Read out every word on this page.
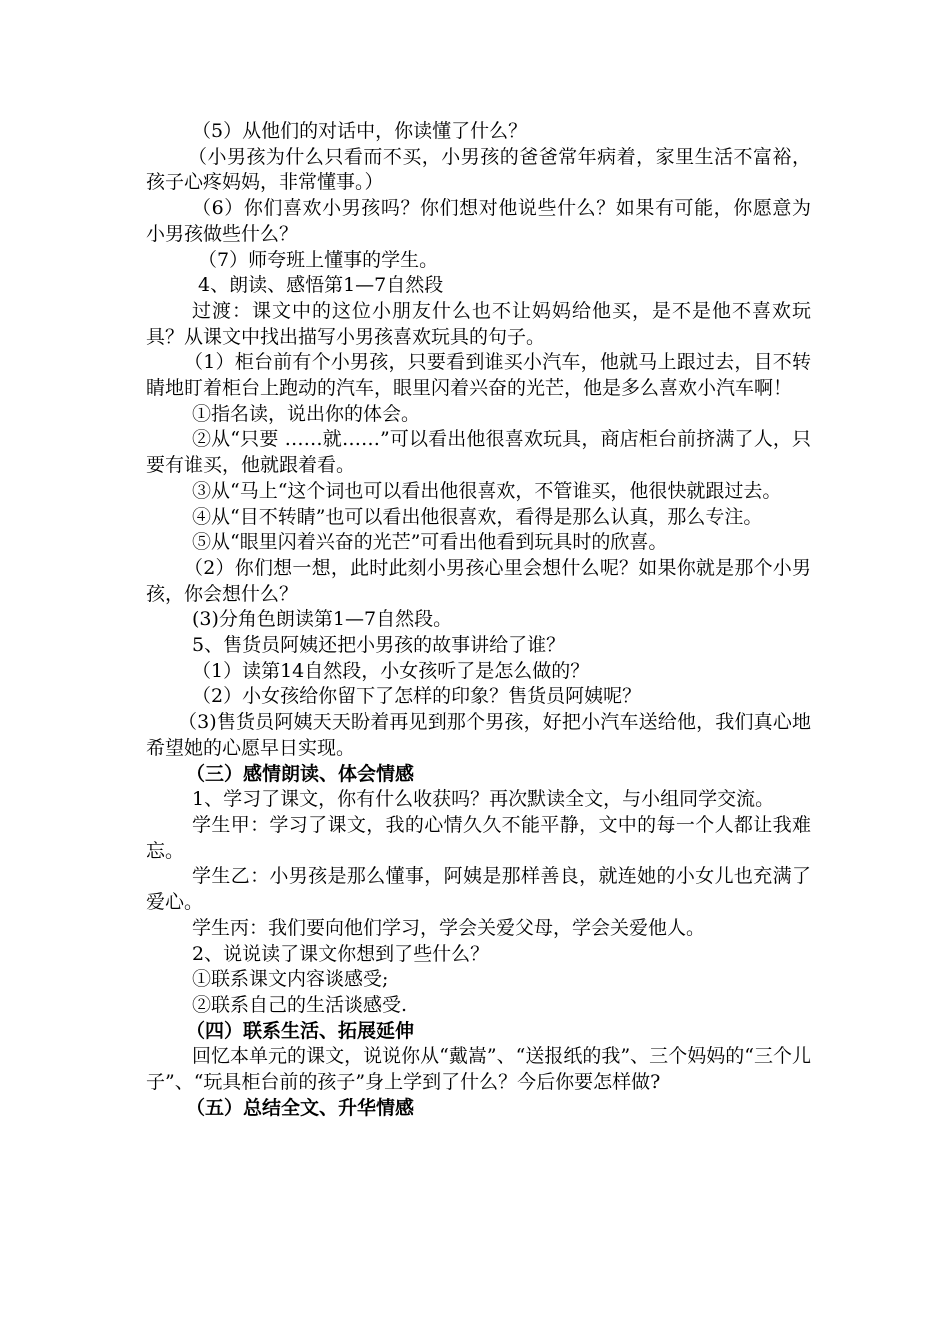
（5）从他们的对话中，你读懂了什么？

（小男孩为什么只看而不买，小男孩的爸爸常年病着，家里生活不富裕，孩子心疼妈妈，非常懂事。）

（6）你们喜欢小男孩吗？你们想对他说些什么？如果有可能，你愿意为小男孩做些什么？

（7）师夸班上懂事的学生。

4、朗读、感悟第1—7自然段

过渡：课文中的这位小朋友什么也不让妈妈给他买，是不是他不喜欢玩具？从课文中找出描写小男孩喜欢玩具的句子。

（1）柜台前有个小男孩，只要看到谁买小汽车，他就马上跟过去，目不转睛地盯着柜台上跑动的汽车，眼里闪着兴奋的光芒，他是多么喜欢小汽车啊！

①指名读，说出你的体会。

②从“只要 ……就……”可以看出他很喜欢玩具，商店柜台前挤满了人，只要有谁买，他就跟着看。

③从“马上“这个词也可以看出他很喜欢，不管谁买，他很快就跟过去。

④从“目不转睛”也可以看出他很喜欢，看得是那么认真，那么专注。

⑤从“眼里闪着兴奋的光芒”可看出他看到玩具时的欣喜。

（2）你们想一想，此时此刻小男孩心里会想什么呢？如果你就是那个小男孩，你会想什么？

(3)分角色朗读第1—7自然段。

5、售货员阿姨还把小男孩的故事讲给了谁？

（1）读第14自然段，小女孩听了是怎么做的？

（2）小女孩给你留下了怎样的印象？售货员阿姨呢？

（3)售货员阿姨天天盼着再见到那个男孩，好把小汽车送给他，我们真心地希望她的心愿早日实现。

（三）感情朗读、体会情感

1、学习了课文，你有什么收获吗？再次默读全文，与小组同学交流。

学生甲：学习了课文，我的心情久久不能平静，文中的每一个人都让我难忘。

学生乙：小男孩是那么懂事，阿姨是那样善良，就连她的小女儿也充满了爱心。

学生丙：我们要向他们学习，学会关爱父母，学会关爱他人。

2、说说读了课文你想到了些什么？

①联系课文内容谈感受;

②联系自己的生活谈感受.

（四）联系生活、拓展延伸

回忆本单元的课文，说说你从“戴嵩”、“送报纸的我”、三个妈妈的“三个儿子”、“玩具柜台前的孩子”身上学到了什么？今后你要怎样做?

（五）总结全文、升华情感
